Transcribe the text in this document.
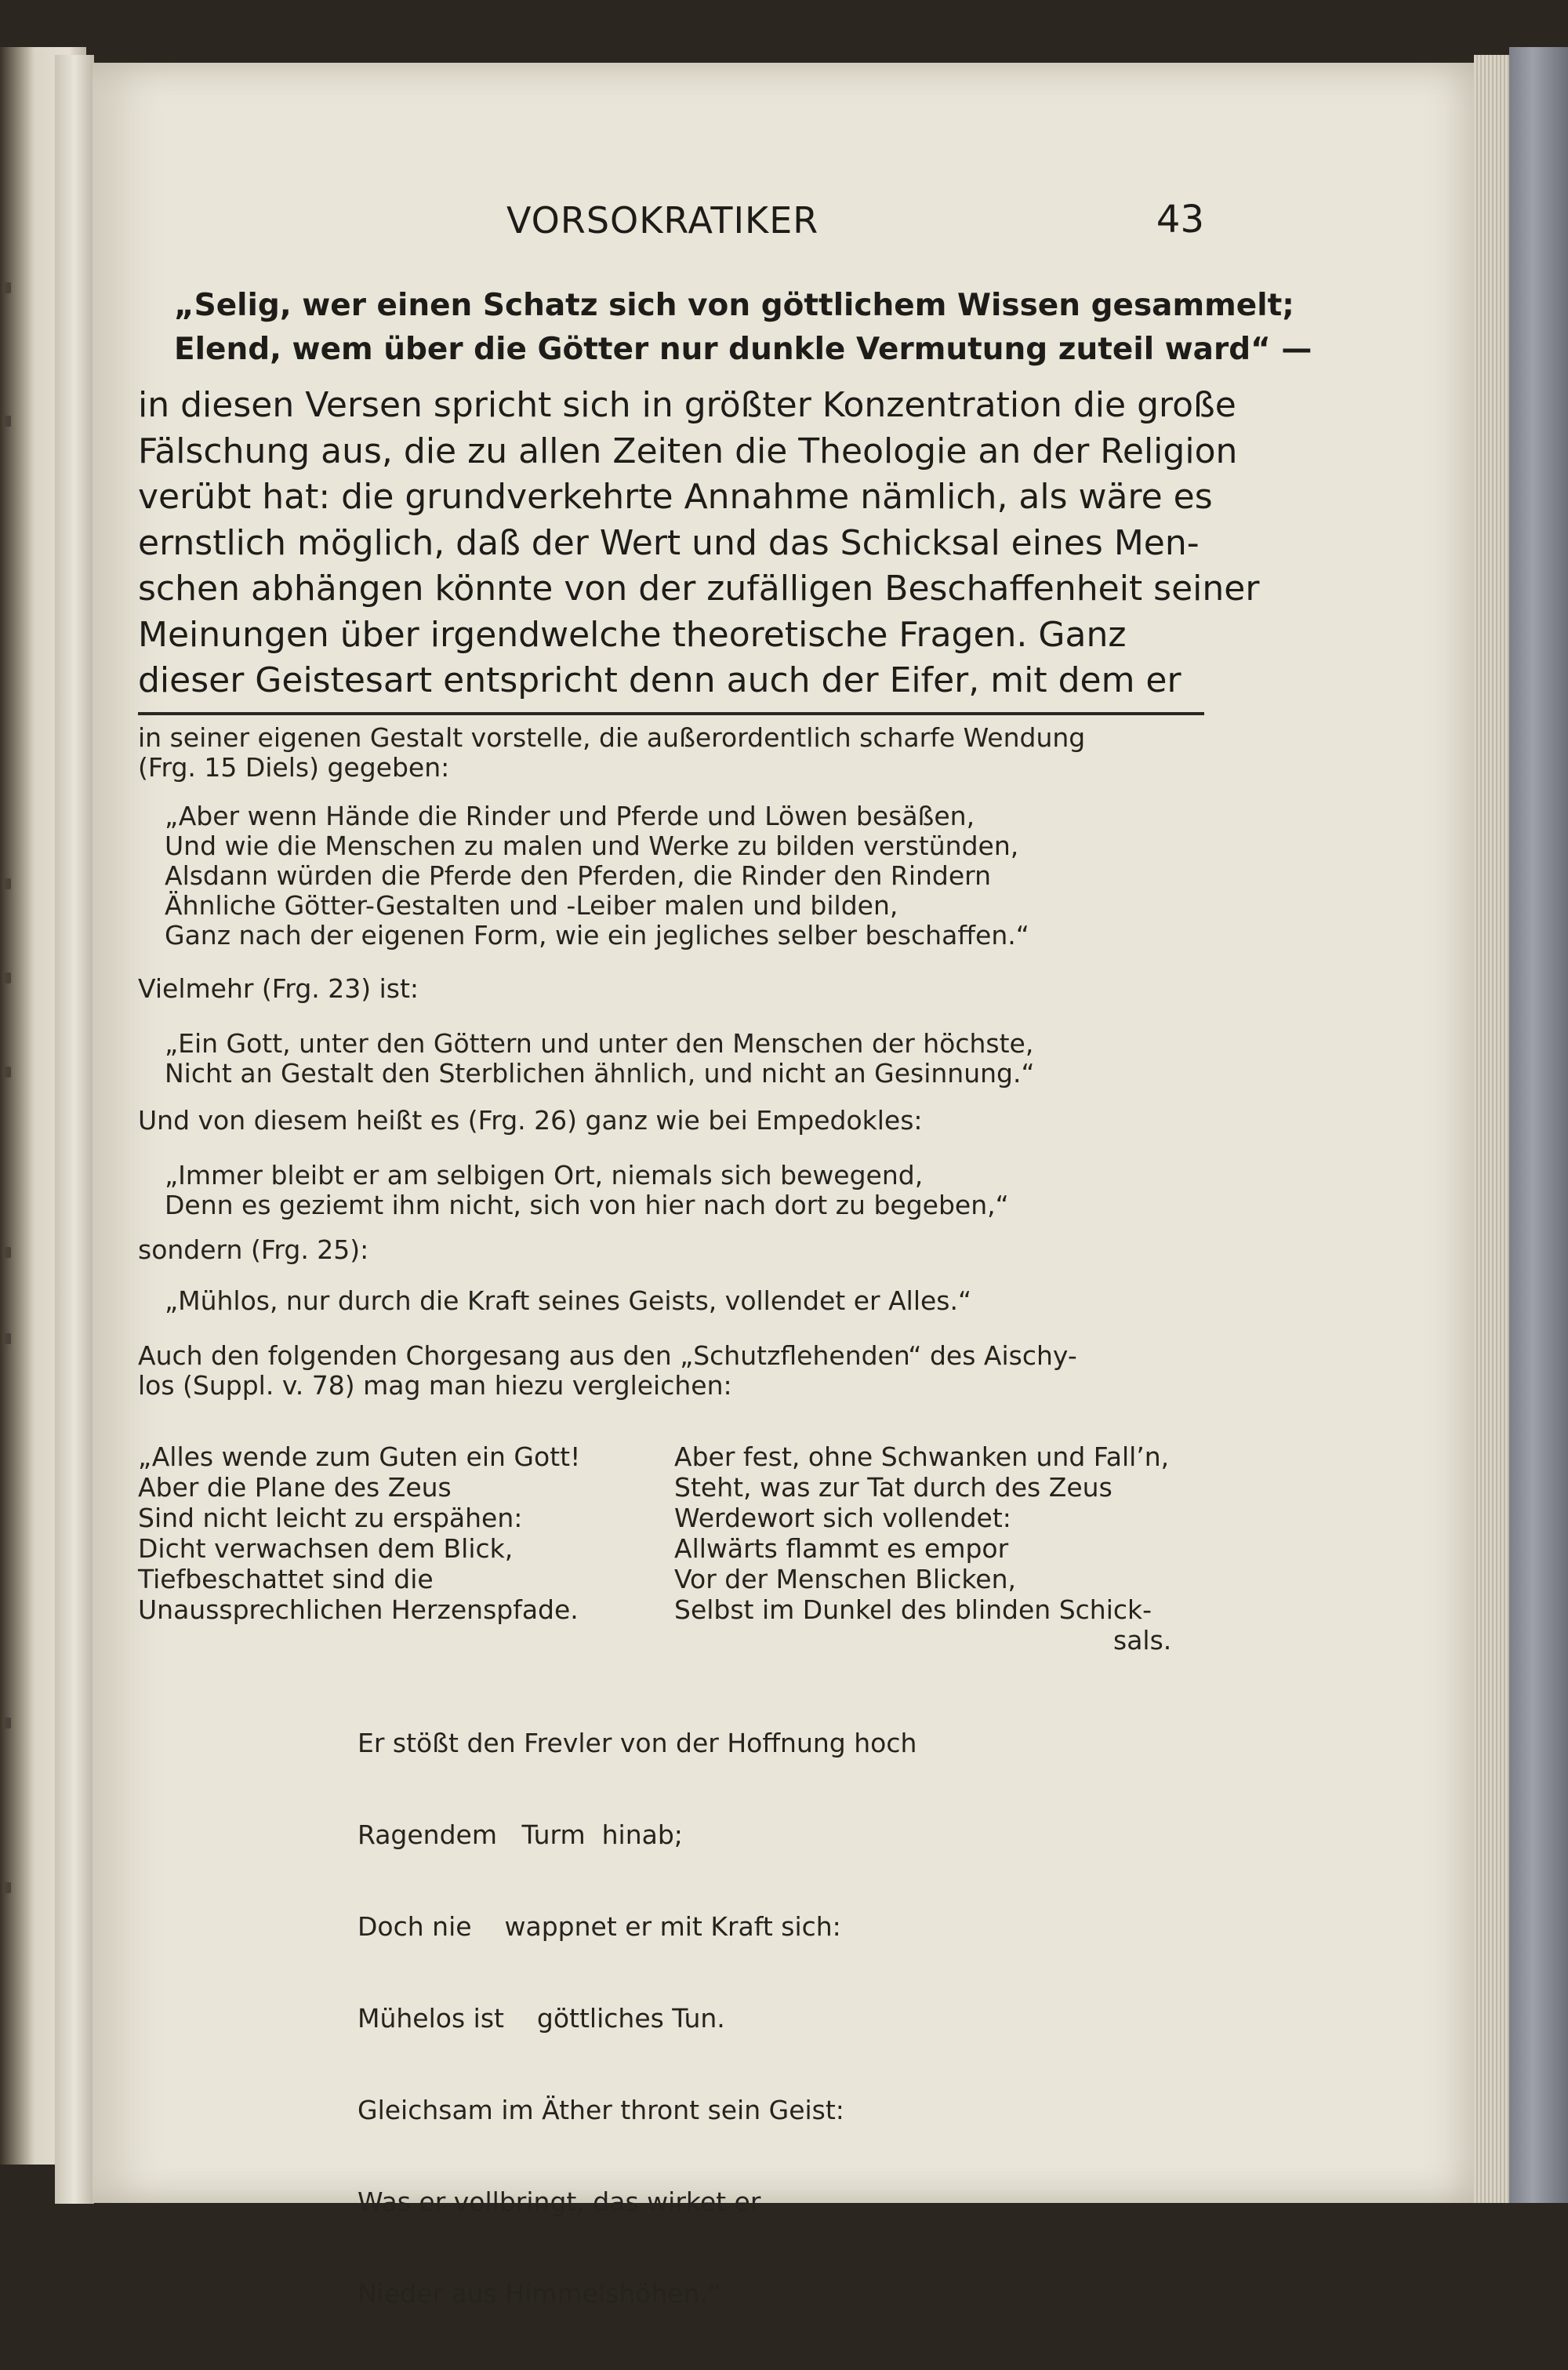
VORSOKRATIKER	43
„Selig, wer einen Schatz sich von göttlichem Wissen gesammelt;
Elend, wem über die Götter nur dunkle Vermutung zuteil ward“ —
in diesen Versen spricht sich in größter Konzentration die große
Fälschung aus, die zu allen Zeiten die Theologie an der Religion
verübt hat: die grundverkehrte Annahme nämlich, als wäre es
ernstlich möglich, daß der Wert und das Schicksal eines Men-
schen abhängen könnte von der zufälligen Beschaffenheit seiner
Meinungen über irgendwelche theoretische Fragen. Ganz
dieser Geistesart entspricht denn auch der Eifer, mit dem er
in seiner eigenen Gestalt vorstelle, die außerordentlich scharfe Wendung
(Frg. 15 Diels) gegeben:
„Aber wenn Hände die Rinder und Pferde und Löwen besäßen,
Und wie die Menschen zu malen und Werke zu bilden verstünden,
Alsdann würden die Pferde den Pferden, die Rinder den Rindern
Ähnliche Götter-Gestalten und -Leiber malen und bilden,
Ganz nach der eigenen Form, wie ein jegliches selber beschaffen.“
Vielmehr (Frg. 23) ist:
„Ein Gott, unter den Göttern und unter den Menschen der höchste,
Nicht an Gestalt den Sterblichen ähnlich, und nicht an Gesinnung.“
Und von diesem heißt es (Frg. 26) ganz wie bei Empedokles:
„Immer bleibt er am selbigen Ort, niemals sich bewegend,
Denn es geziemt ihm nicht, sich von hier nach dort zu begeben,“
sondern (Frg. 25):
„Mühlos, nur durch die Kraft seines Geists, vollendet er Alles.“
Auch den folgenden Chorgesang aus den „Schutzflehenden“ des Aischy-
los (Suppl. v. 78) mag man hiezu vergleichen:
„Alles wende zum Guten ein Gott!
Aber die Plane des Zeus
Sind nicht leicht zu erspähen:
Dicht verwachsen dem Blick,
Tiefbeschattet sind die
Unaussprechlichen Herzenspfade.
Aber fest, ohne Schwanken und Fall’n,
Steht, was zur Tat durch des Zeus
Werdewort sich vollendet:
Allwärts flammt es empor
Vor der Menschen Blicken,
Selbst im Dunkel des blinden Schick-
sals.

Er stößt den Frevler von der Hoffnung hoch

Ragendem   Turm  hinab;

Doch nie    wappnet er mit Kraft sich:

Mühelos ist    göttliches Tun.

Gleichsam im Äther thront sein Geist:

Was er vollbringt, das wirket er

Nieder aus Himmelshöhen.“
